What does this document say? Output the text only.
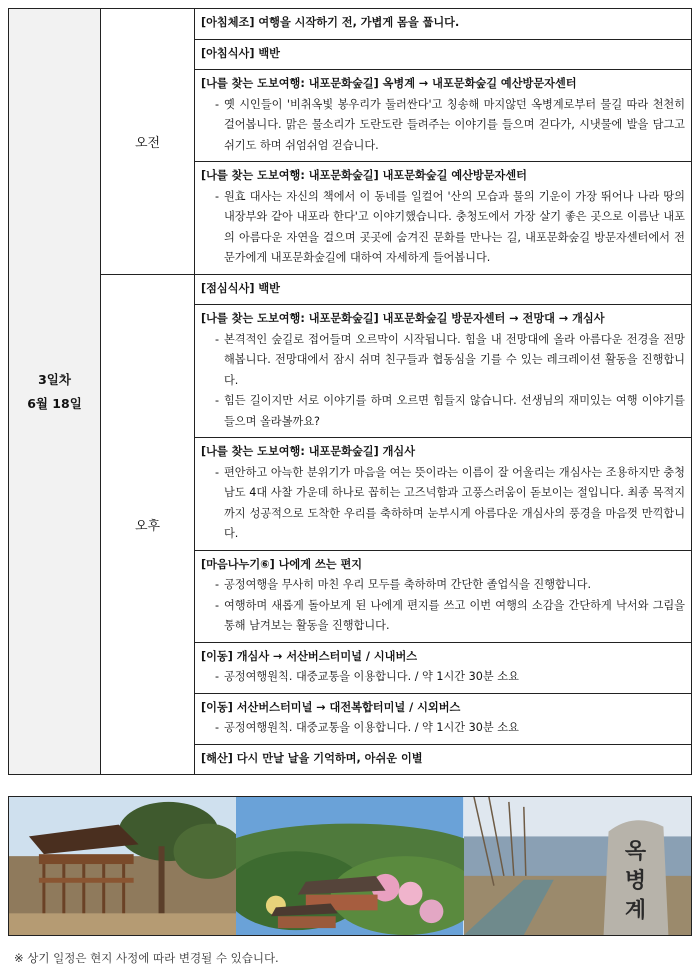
3일차
6월 18일	오전	[아침체조] 여행을 시작하기 전, 가볍게 몸을 풉니다.

		[아침식사] 백반

		[나를 찾는 도보여행: 내포문화숲길] 옥병계 → 내포문화숲길 예산방문자센터
- 옛 시인들이 '비취옥빛 봉우리가 둘러싼다'고 칭송해 마지않던 옥병계로부터 물길 따라 천천히 걸어봅니다. 맑은 물소리가 도란도란 들려주는 이야기를 들으며 걷다가, 시냇물에 발을 담그고 쉬기도 하며 쉬엄쉬엄 걷습니다.

		[나를 찾는 도보여행: 내포문화숲길] 내포문화숲길 예산방문자센터
- 원효 대사는 자신의 책에서 이 동네를 일컬어 '산의 모습과 물의 기운이 가장 뛰어나 나라 땅의 내장부와 같아 내포라 한다'고 이야기했습니다. 충청도에서 가장 살기 좋은 곳으로 이름난 내포의 아름다운 자연을 걸으며 곳곳에 숨겨진 문화를 만나는 길, 내포문화숲길 방문자센터에서 전문가에게 내포문화숲길에 대하여 자세하게 들어봅니다.

	오후	[점심식사] 백반

		[나를 찾는 도보여행: 내포문화숲길] 내포문화숲길 방문자센터 → 전망대 → 개심사
- 본격적인 숲길로 접어들며 오르막이 시작됩니다. 힘을 내 전망대에 올라 아름다운 전경을 전망해봅니다. 전망대에서 잠시 쉬며 친구들과 협동심을 기를 수 있는 레크레이션 활동을 진행합니다.
- 힘든 길이지만 서로 이야기를 하며 오르면 힘들지 않습니다. 선생님의 재미있는 여행 이야기를 들으며 올라볼까요?

		[나를 찾는 도보여행: 내포문화숲길] 개심사
- 편안하고 아늑한 분위기가 마음을 여는 뜻이라는 이름이 잘 어울리는 개심사는 조용하지만 충청남도 4대 사찰 가운데 하나로 꼽히는 고즈넉함과 고풍스러움이 돋보이는 절입니다. 최종 목적지까지 성공적으로 도착한 우리를 축하하며 눈부시게 아름다운 개심사의 풍경을 마음껏 만끽합니다.

		[마음나누기⑥] 나에게 쓰는 편지
- 공정여행을 무사히 마친 우리 모두를 축하하며 간단한 졸업식을 진행합니다.
- 여행하며 새롭게 돌아보게 된 나에게 편지를 쓰고 이번 여행의 소감을 간단하게 낙서와 그림을 통해 남겨보는 활동을 진행합니다.

		[이동] 개심사 → 서산버스터미널 / 시내버스
- 공정여행원칙. 대중교통을 이용합니다. / 약 1시간 30분 소요

		[이동] 서산버스터미널 → 대전복합터미널 / 시외버스
- 공정여행원칙. 대중교통을 이용합니다. / 약 1시간 30분 소요

		[해산] 다시 만날 날을 기억하며, 아쉬운 이별
옥
병
계
※ 상기 일정은 현지 사정에 따라 변경될 수 있습니다.
